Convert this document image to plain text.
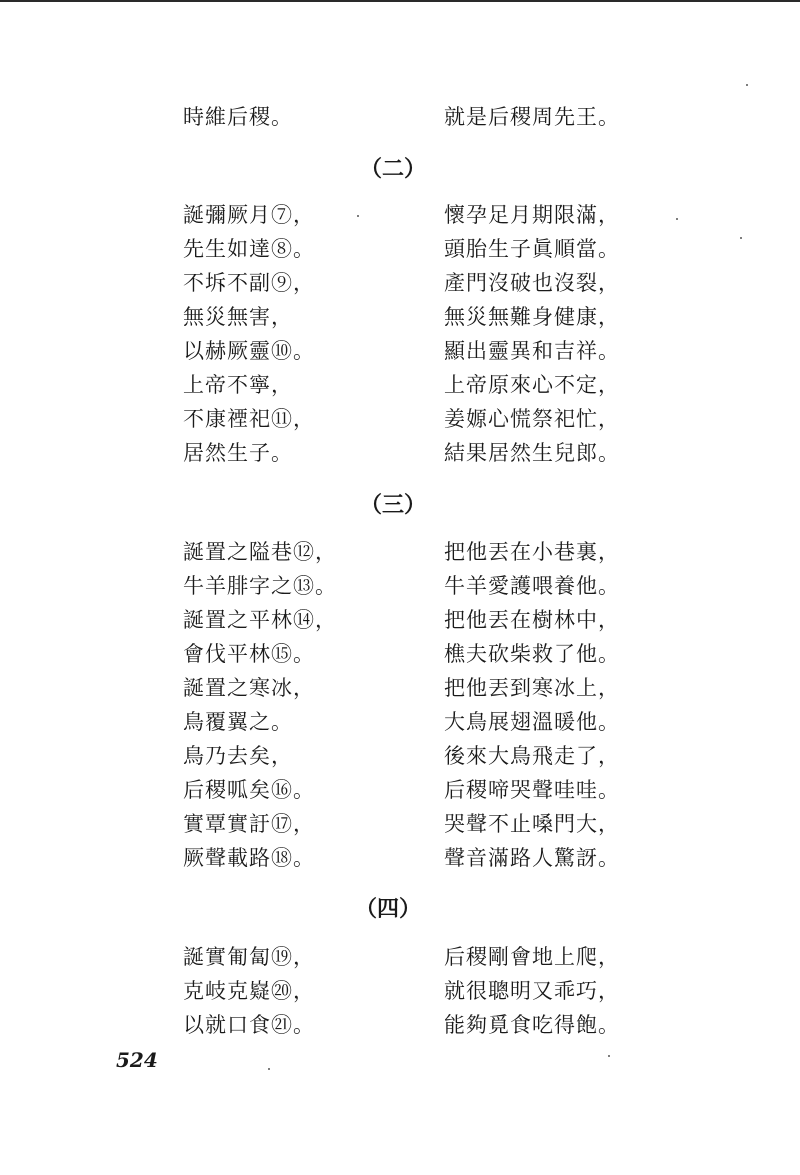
時維后稷。	就是后稷周先王。
（二）
誕彌厥月⑦，	懷孕足月期限滿，
先生如達⑧。	頭胎生子眞順當。
不坼不副⑨，	產門沒破也沒裂，
無災無害，	無災無難身健康，
以赫厥靈⑩。	顯出靈異和吉祥。
上帝不寧，	上帝原來心不定，
不康禋祀⑪，	姜嫄心慌祭祀忙，
居然生子。	結果居然生兒郎。
（三）
誕置之隘巷⑫，	把他丟在小巷裏，
牛羊腓字之⑬。	牛羊愛護喂養他。
誕置之平林⑭，	把他丟在樹林中，
會伐平林⑮。	樵夫砍柴救了他。
誕置之寒冰，	把他丟到寒冰上，
鳥覆翼之。	大鳥展翅溫暖他。
鳥乃去矣，	後來大鳥飛走了，
后稷呱矣⑯。	后稷啼哭聲哇哇。
實覃實訏⑰，	哭聲不止嗓門大，
厥聲載路⑱。	聲音滿路人驚訝。
（四）
誕實匍匐⑲，	后稷剛會地上爬，
克岐克嶷⑳，	就很聰明又乖巧，
以就口食㉑。	能夠覓食吃得飽。
524
